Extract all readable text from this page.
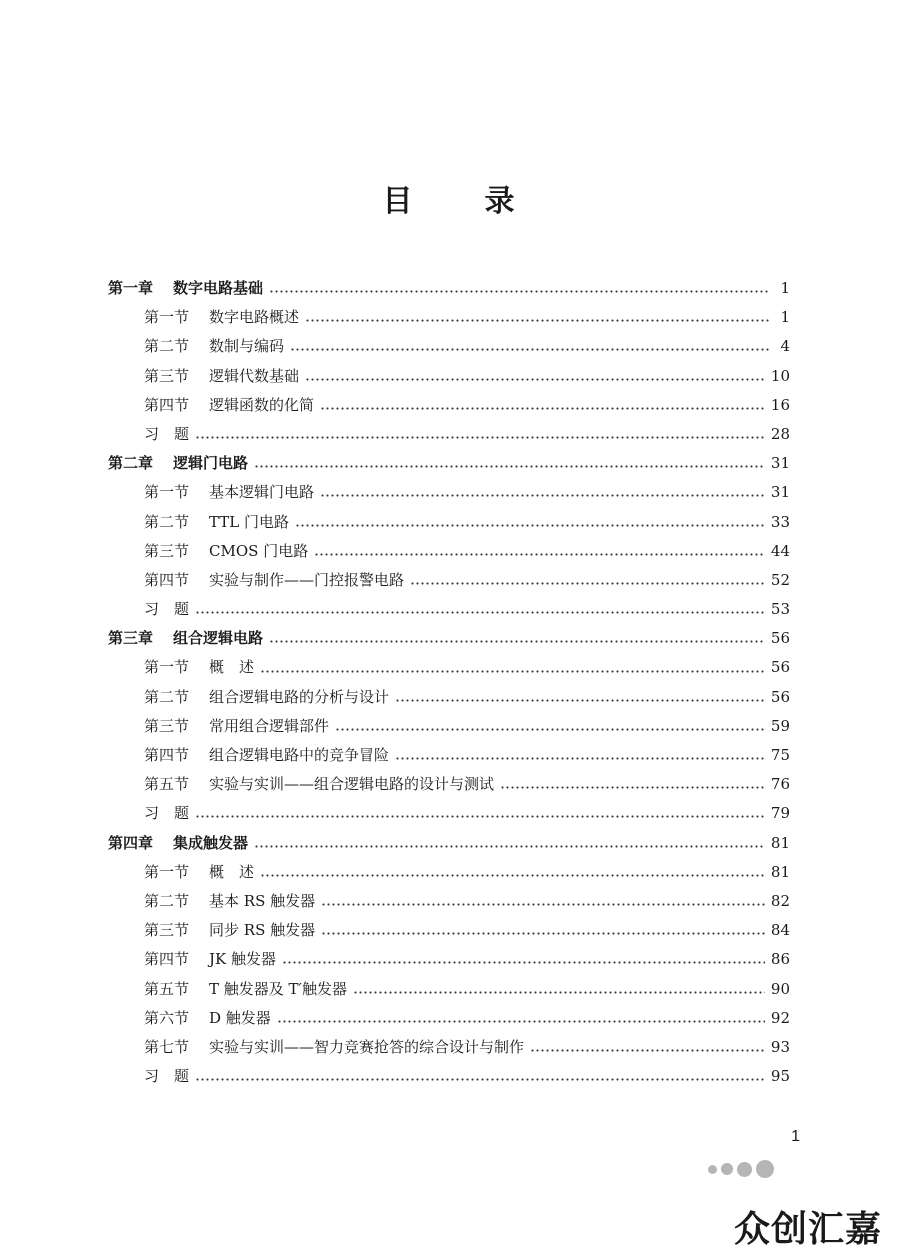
目 录
第一章 数字电路基础	1
第一节 数字电路概述	1
第二节 数制与编码	4
第三节 逻辑代数基础	10
第四节 逻辑函数的化简	16
习　题	28
第二章 逻辑门电路	31
第一节 基本逻辑门电路	31
第二节 TTL 门电路	33
第三节 CMOS 门电路	44
第四节 实验与制作——门控报警电路	52
习　题	53
第三章 组合逻辑电路	56
第一节 概　述	56
第二节 组合逻辑电路的分析与设计	56
第三节 常用组合逻辑部件	59
第四节 组合逻辑电路中的竞争冒险	75
第五节 实验与实训——组合逻辑电路的设计与测试	76
习　题	79
第四章 集成触发器	81
第一节 概　述	81
第二节 基本 RS 触发器	82
第三节 同步 RS 触发器	84
第四节 JK 触发器	86
第五节 T 触发器及 T′触发器	90
第六节 D 触发器	92
第七节 实验与实训——智力竞赛抢答的综合设计与制作	93
习　题	95
1
众创汇嘉
